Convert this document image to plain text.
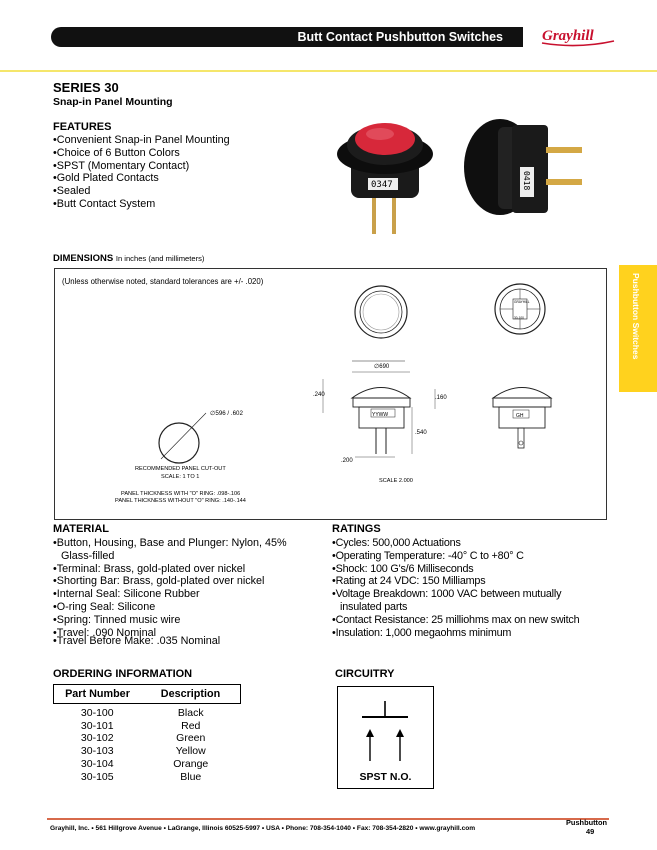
Butt Contact Pushbutton Switches	Grayhill
SERIES 30
Snap-in Panel Mounting
FEATURES
• Convenient Snap-in Panel Mounting
• Choice of 6 Button Colors
• SPST (Momentary Contact)
• Gold Plated Contacts
• Sealed
• Butt Contact System
0347	0418
Pushbutton Switches
DIMENSIONS In inches (and millimeters)
(Unless otherwise noted, standard tolerances are +/- .020)
GRAYHILL
30-100
∅596 / .602	YYWW
∅690
.240	.160
.540
.200
GH
RECOMMENDED PANEL CUT-OUT
SCALE: 1 TO 1
PANEL THICKNESS WITH "O" RING: .098-.106
PANEL THICKNESS WITHOUT "O" RING: .140-.144
SCALE 2.000
MATERIAL
• Button, Housing, Base and Plunger: Nylon, 45% Glass-filled
• Terminal: Brass, gold-plated over nickel
• Shorting Bar: Brass, gold-plated over nickel
• Internal Seal: Silicone Rubber
• O-ring Seal: Silicone
• Spring: Tinned music wire
• Travel: .090 Nominal
• Travel Before Make: .035 Nominal
RATINGS
• Cycles: 500,000 Actuations
• Operating Temperature: -40° C to +80° C
• Shock: 100 G's/6 Milliseconds
• Rating at 24 VDC: 150 Milliamps
• Voltage Breakdown: 1000 VAC between mutually insulated parts
• Contact Resistance: 25 milliohms max on new switch
• Insulation: 1,000 megaohms minimum
ORDERING INFORMATION
Part Number	Description
30-100	Black
30-101	Red
30-102	Green
30-103	Yellow
30-104	Orange
30-105	Blue
CIRCUITRY
SPST N.O.
Grayhill, Inc. • 561 Hillgrove Avenue • LaGrange, Illinois 60525-5997 • USA • Phone: 708-354-1040 • Fax: 708-354-2820 • www.grayhill.com
Pushbutton
49
